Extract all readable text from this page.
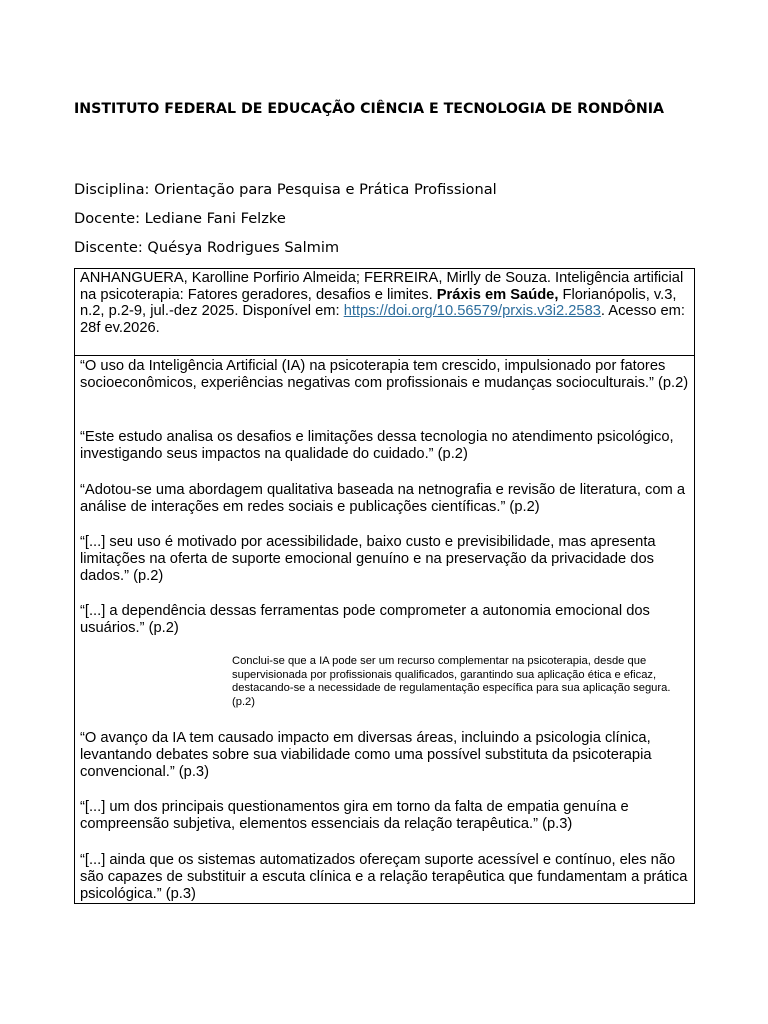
INSTITUTO FEDERAL DE EDUCAÇÃO CIÊNCIA E TECNOLOGIA DE RONDÔNIA

Disciplina: Orientação para Pesquisa e Prática Profissional

Docente: Lediane Fani Felzke

Discente: Quésya Rodrigues Salmim

ANHANGUERA, Karolline Porfirio Almeida; FERREIRA, Mirlly de Souza. Inteligência artificial na psicoterapia: Fatores geradores, desafios e limites. Práxis em Saúde, Florianópolis, v.3, n.2, p.2-9, jul.-dez 2025. Disponível em: https://doi.org/10.56579/prxis.v3i2.2583. Acesso em: 28f ev.2026.

“O uso da Inteligência Artificial (IA) na psicoterapia tem crescido, impulsionado por fatores socioeconômicos, experiências negativas com profissionais e mudanças socioculturais.” (p.2)

“Este estudo analisa os desafios e limitações dessa tecnologia no atendimento psicológico, investigando seus impactos na qualidade do cuidado.” (p.2)

“Adotou-se uma abordagem qualitativa baseada na netnografia e revisão de literatura, com a análise de interações em redes sociais e publicações científicas.” (p.2)

“[...] seu uso é motivado por acessibilidade, baixo custo e previsibilidade, mas apresenta limitações na oferta de suporte emocional genuíno e na preservação da privacidade dos dados.” (p.2)

“[...] a dependência dessas ferramentas pode comprometer a autonomia emocional dos usuários.” (p.2)

Conclui-se que a IA pode ser um recurso complementar na psicoterapia, desde que supervisionada por profissionais qualificados, garantindo sua aplicação ética e eficaz, destacando-se a necessidade de regulamentação específica para sua aplicação segura. (p.2)

“O avanço da IA tem causado impacto em diversas áreas, incluindo a psicologia clínica, levantando debates sobre sua viabilidade como uma possível substituta da psicoterapia convencional.” (p.3)

“[...] um dos principais questionamentos gira em torno da falta de empatia genuína e compreensão subjetiva, elementos essenciais da relação terapêutica.” (p.3)

“[...] ainda que os sistemas automatizados ofereçam suporte acessível e contínuo, eles não são capazes de substituir a escuta clínica e a relação terapêutica que fundamentam a prática psicológica.” (p.3)
